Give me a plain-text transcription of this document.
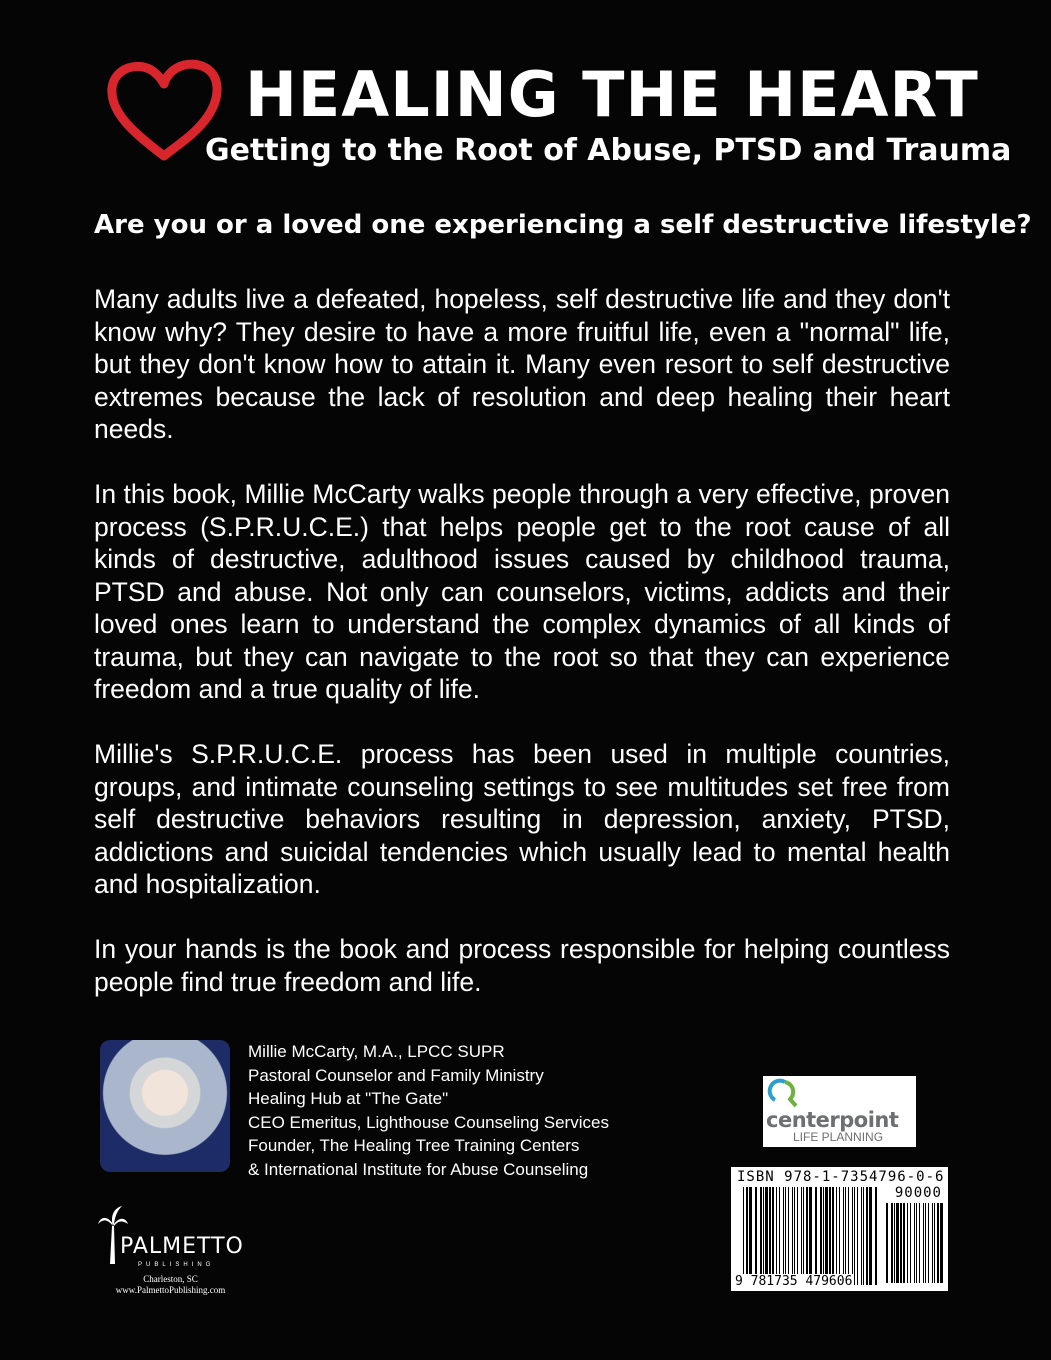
HEALING THE HEART
Getting to the Root of Abuse, PTSD and Trauma
Are you or a loved one experiencing a self destructive lifestyle?

Many adults live a defeated, hopeless, self destructive life and they don't know why? They desire to have a more fruitful life, even a "normal" life, but they don't know how to attain it. Many even resort to self destructive extremes because the lack of resolution and deep healing their heart needs.

In this book, Millie McCarty walks people through a very effective, proven process (S.P.R.U.C.E.) that helps people get to the root cause of all kinds of destructive, adulthood issues caused by childhood trauma, PTSD and abuse. Not only can counselors, victims, addicts and their loved ones learn to understand the complex dynamics of all kinds of trauma, but they can navigate to the root so that they can experience freedom and a true quality of life.

Millie's S.P.R.U.C.E. process has been used in multiple countries, groups, and intimate counseling settings to see multitudes set free from self destructive behaviors resulting in depression, anxiety, PTSD, addictions and suicidal tendencies which usually lead to mental health and hospitalization.

In your hands is the book and process responsible for helping countless people find true freedom and life.

Millie McCarty, M.A., LPCC SUPR
Pastoral Counselor and Family Ministry
Healing Hub at "The Gate"
CEO Emeritus, Lighthouse Counseling Services
Founder, The Healing Tree Training Centers
& International Institute for Abuse Counseling
PALMETTO
PUBLISHING
Charleston, SC
www.PalmettoPublishing.com
centerpoint
LIFE PLANNING
ISBN 978-1-7354796-0-6
90000
9 781735 479606
